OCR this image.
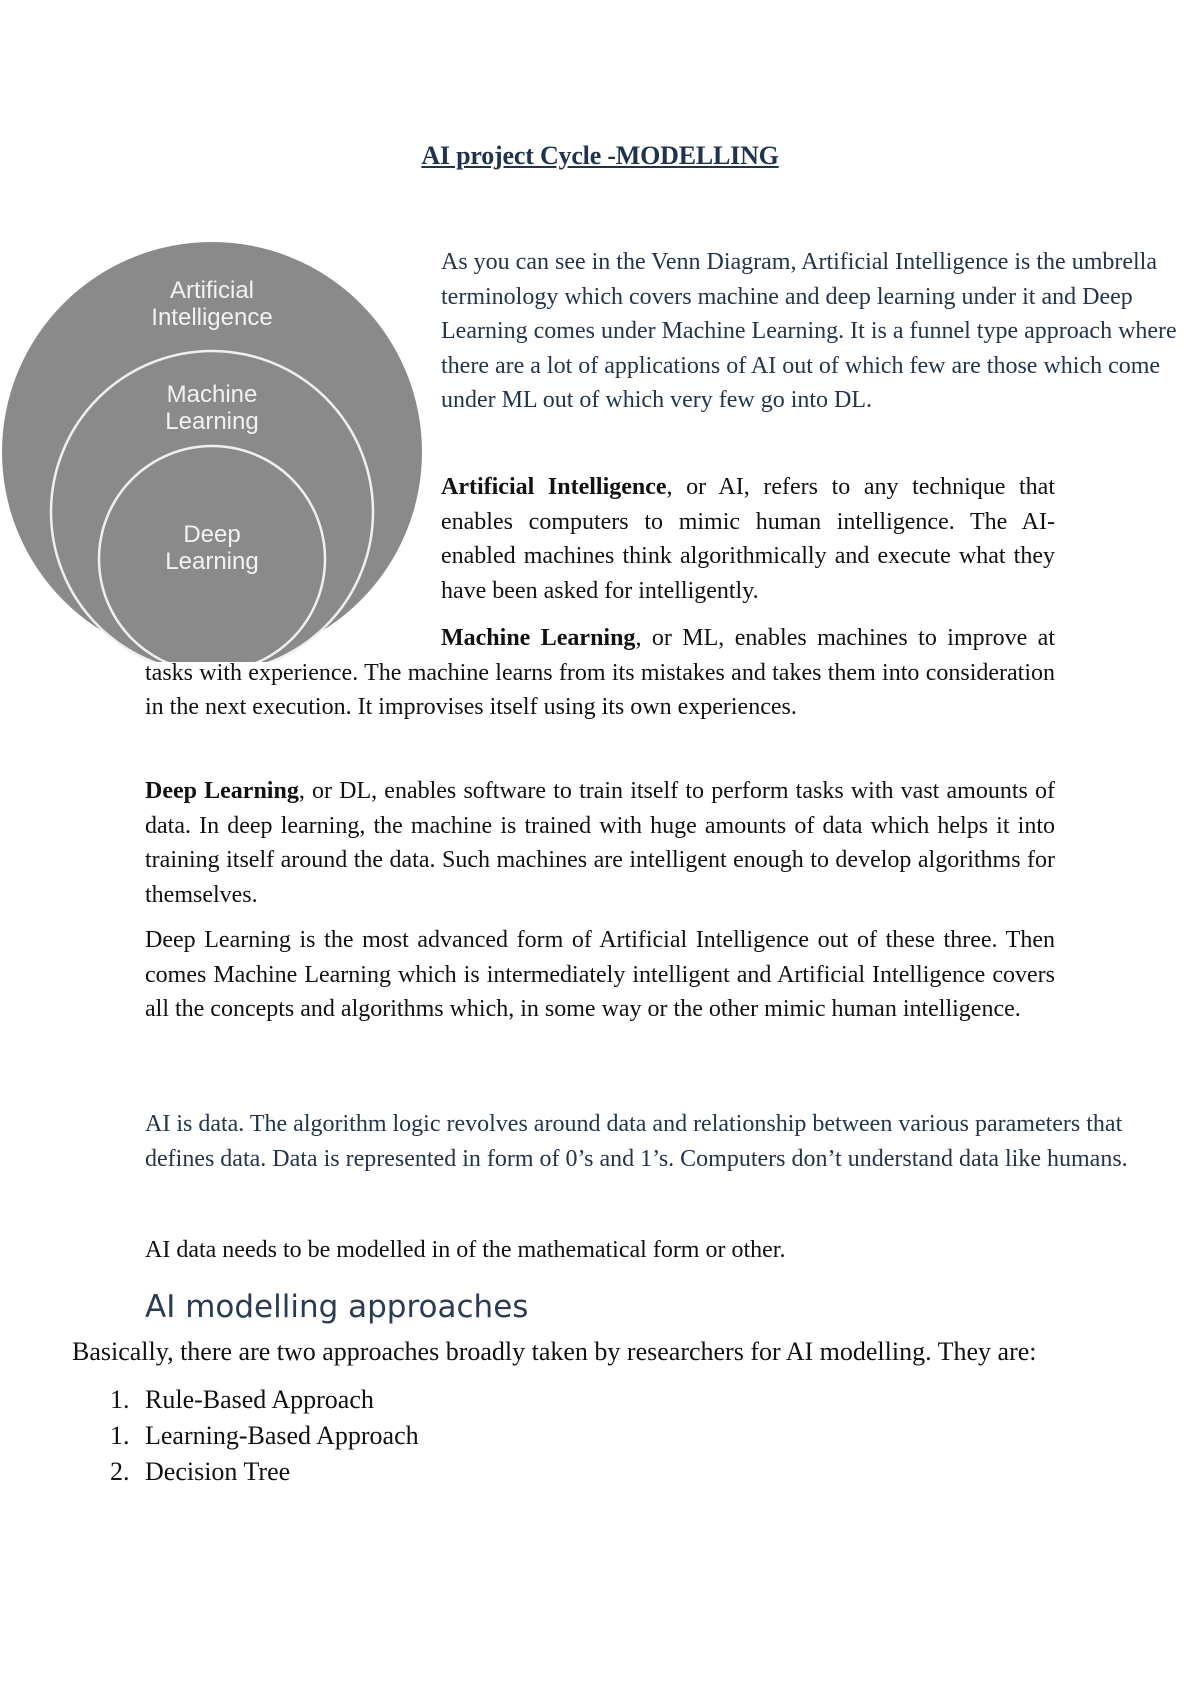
AI project Cycle -MODELLING
Artificial
Intelligence
Machine
Learning
Deep
Learning

As you can see in the Venn Diagram, Artificial Intelligence is the umbrella terminology which covers machine and deep learning under it and Deep Learning comes under Machine Learning. It is a funnel type approach where there are a lot of applications of AI out of which few are those which come under ML out of which very few go into DL.

Artificial Intelligence, or AI, refers to any technique that enables computers to mimic human intelligence. The AI-enabled machines think algorithmically and execute what they have been asked for intelligently.

Machine Learning, or ML, enables machines to improve at tasks with experience. The machine learns from its mistakes and takes them into consideration in the next execution. It improvises itself using its own experiences.

Deep Learning, or DL, enables software to train itself to perform tasks with vast amounts of data. In deep learning, the machine is trained with huge amounts of data which helps it into training itself around the data. Such machines are intelligent enough to develop algorithms for themselves.

Deep Learning is the most advanced form of Artificial Intelligence out of these three. Then comes Machine Learning which is intermediately intelligent and Artificial Intelligence covers all the concepts and algorithms which, in some way or the other mimic human intelligence.

AI is data. The algorithm logic revolves around data and relationship between various parameters that defines data. Data is represented in form of 0’s and 1’s. Computers don’t understand data like humans.

AI data needs to be modelled in of the mathematical form or other.

AI modelling approaches

Basically, there are two approaches broadly taken by researchers for AI modelling. They are:

1. Rule-Based Approach
1. Learning-Based Approach
2. Decision Tree
